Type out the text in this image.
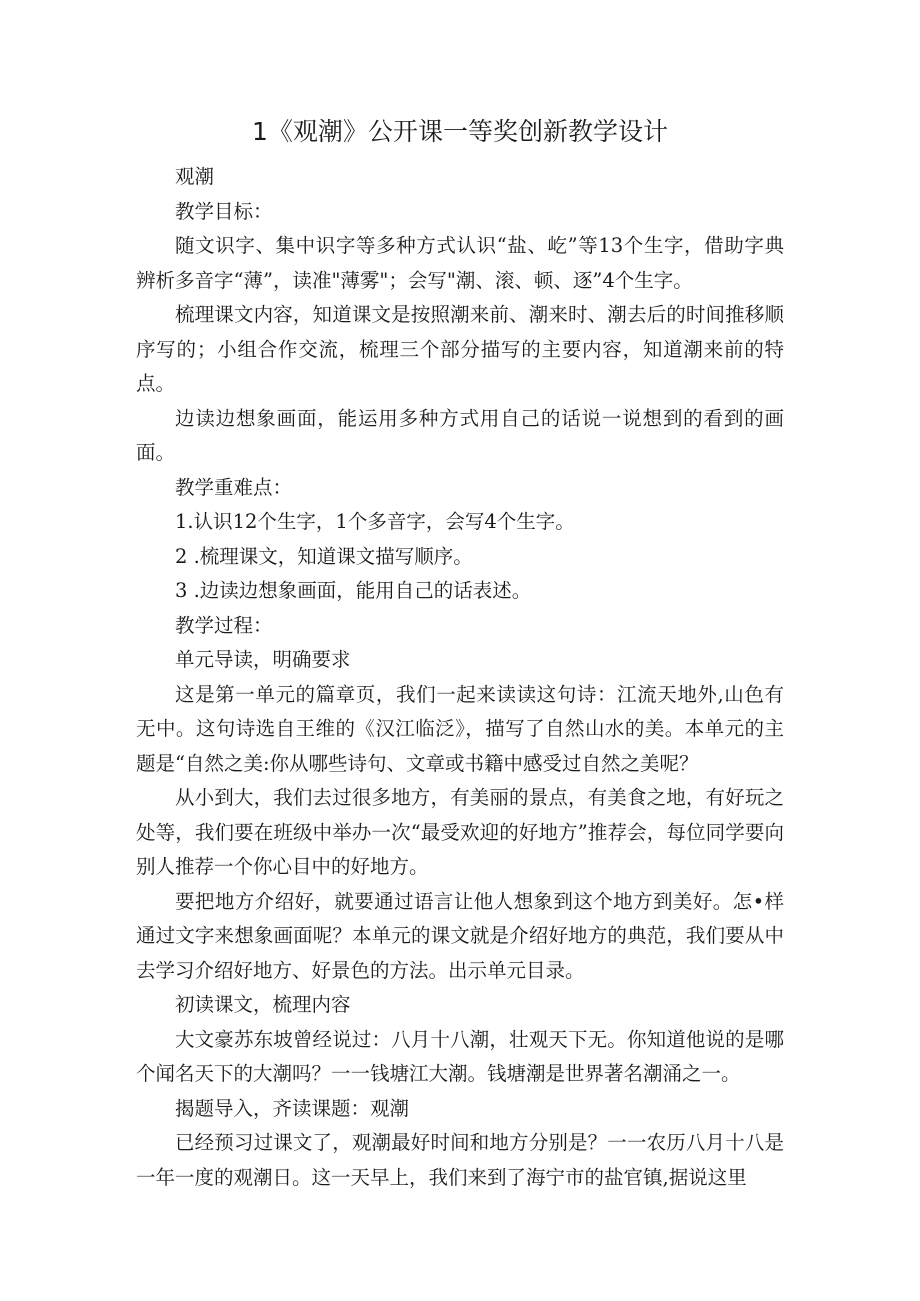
1《观潮》公开课一等奖创新教学设计

观潮

教学目标：

随文识字、集中识字等多种方式认识“盐、屹”等13个生字，借助字典辨析多音字“薄”，读准"薄雾"；会写"潮、滚、顿、逐”4个生字。

梳理课文内容，知道课文是按照潮来前、潮来时、潮去后的时间推移顺序写的；小组合作交流，梳理三个部分描写的主要内容，知道潮来前的特点。

边读边想象画面，能运用多种方式用自己的话说一说想到的看到的画面。

教学重难点：

1.认识12个生字，1个多音字，会写4个生字。

2 .梳理课文，知道课文描写顺序。

3 .边读边想象画面，能用自己的话表述。

教学过程：

单元导读，明确要求

这是第一单元的篇章页，我们一起来读读这句诗：江流天地外,山色有无中。这句诗选自王维的《汉江临泛》，描写了自然山水的美。本单元的主题是“自然之美:你从哪些诗句、文章或书籍中感受过自然之美呢？

从小到大，我们去过很多地方，有美丽的景点，有美食之地，有好玩之处等，我们要在班级中举办一次“最受欢迎的好地方”推荐会，每位同学要向别人推荐一个你心目中的好地方。

要把地方介绍好，就要通过语言让他人想象到这个地方到美好。怎•样通过文字来想象画面呢？本单元的课文就是介绍好地方的典范，我们要从中去学习介绍好地方、好景色的方法。出示单元目录。

初读课文，梳理内容

大文豪苏东坡曾经说过：八月十八潮，壮观天下无。你知道他说的是哪个闻名天下的大潮吗？一一钱塘江大潮。钱塘潮是世界著名潮涌之一。

揭题导入，齐读课题：观潮

已经预习过课文了，观潮最好时间和地方分别是？一一农历八月十八是一年一度的观潮日。这一天早上，我们来到了海宁市的盐官镇,据说这里
